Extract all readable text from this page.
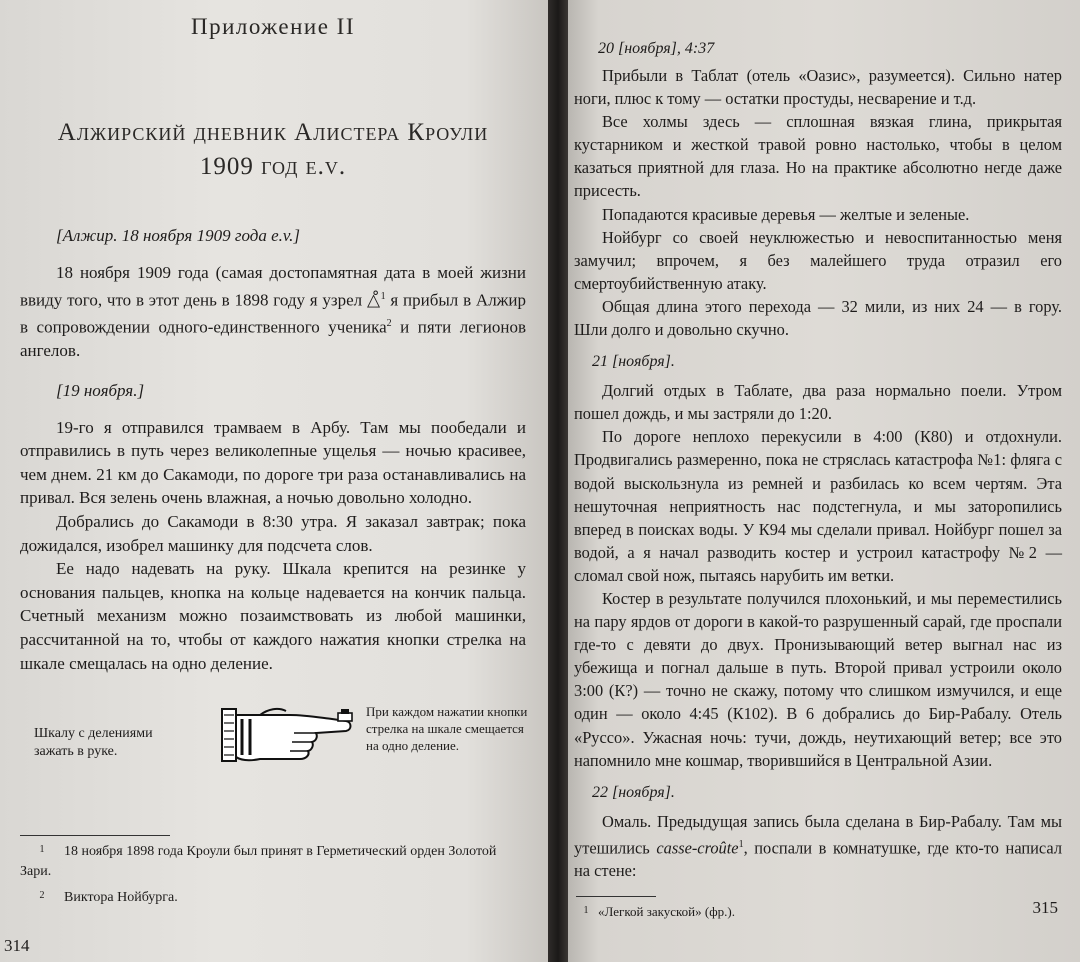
Приложение II
Алжирский дневник Алистера Кроули
1909 год e.v.
[Алжир. 18 ноября 1909 года e.v.]

18 ноября 1909 года (самая достопамятная дата в моей жизни ввиду того, что в этот день в 1898 году я узрел △̊$^1$ я прибыл в Алжир в сопровождении одного-единственного ученика$^2$ и пяти легионов ангелов.

[19 ноября.]

19-го я отправился трамваем в Арбу. Там мы пообедали и отправились в путь через великолепные ущелья — ночью красивее, чем днем. 21 км до Сакамоди, по дороге три раза останавливались на привал. Вся зелень очень влажная, а ночью довольно холодно.

Добрались до Сакамоди в 8:30 утра. Я заказал завтрак; пока дожидался, изобрел машинку для подсчета слов.

Ее надо надевать на руку. Шкала крепится на резинке у основания пальцев, кнопка на кольце надевается на кончик пальца. Счетный механизм можно позаимствовать из любой машинки, рассчитанной на то, чтобы от каждого нажатия кнопки стрелка на шкале смещалась на одно деление.

Шкалу с делениями зажать в руке.
При каждом нажатии кнопки стрелка на шкале смещается на одно деление.
1 18 ноября 1898 года Кроули был принят в Герметический орден Золотой Зари.
2 Виктора Нойбурга.
314
20 [ноября], 4:37

Прибыли в Таблат (отель «Оазис», разумеется). Сильно натер ноги, плюс к тому — остатки простуды, несварение и т.д.

Все холмы здесь — сплошная вязкая глина, прикрытая кустарником и жесткой травой ровно настолько, чтобы в целом казаться приятной для глаза. Но на практике абсолютно негде даже присесть.

Попадаются красивые деревья — желтые и зеленые.

Нойбург со своей неуклюжестью и невоспитанностью меня замучил; впрочем, я без малейшего труда отразил его смертоубийственную атаку.

Общая длина этого перехода — 32 мили, из них 24 — в гору. Шли долго и довольно скучно.

21 [ноября].

Долгий отдых в Таблате, два раза нормально поели. Утром пошел дождь, и мы застряли до 1:20.

По дороге неплохо перекусили в 4:00 (К80) и отдохнули. Продвигались размеренно, пока не стряслась катастрофа №1: фляга с водой выскользнула из ремней и разбилась ко всем чертям. Эта нешуточная неприятность нас подстегнула, и мы заторопились вперед в поисках воды. У К94 мы сделали привал. Нойбург пошел за водой, а я начал разводить костер и устроил катастрофу №2 — сломал свой нож, пытаясь нарубить им ветки.

Костер в результате получился плохонький, и мы переместились на пару ярдов от дороги в какой-то разрушенный сарай, где проспали где-то с девяти до двух. Пронизывающий ветер выгнал нас из убежища и погнал дальше в путь. Второй привал устроили около 3:00 (К?) — точно не скажу, потому что слишком измучился, и еще один — около 4:45 (К102). В 6 добрались до Бир-Рабалу. Отель «Руссо». Ужасная ночь: тучи, дождь, неутихающий ветер; все это напомнило мне кошмар, творившийся в Центральной Азии.

22 [ноября].

Омаль. Предыдущая запись была сделана в Бир-Рабалу. Там мы утешились casse-croûte$^1$, поспали в комнатушке, где кто-то написал на стене:

1 «Легкой закуской» (фр.).	315
